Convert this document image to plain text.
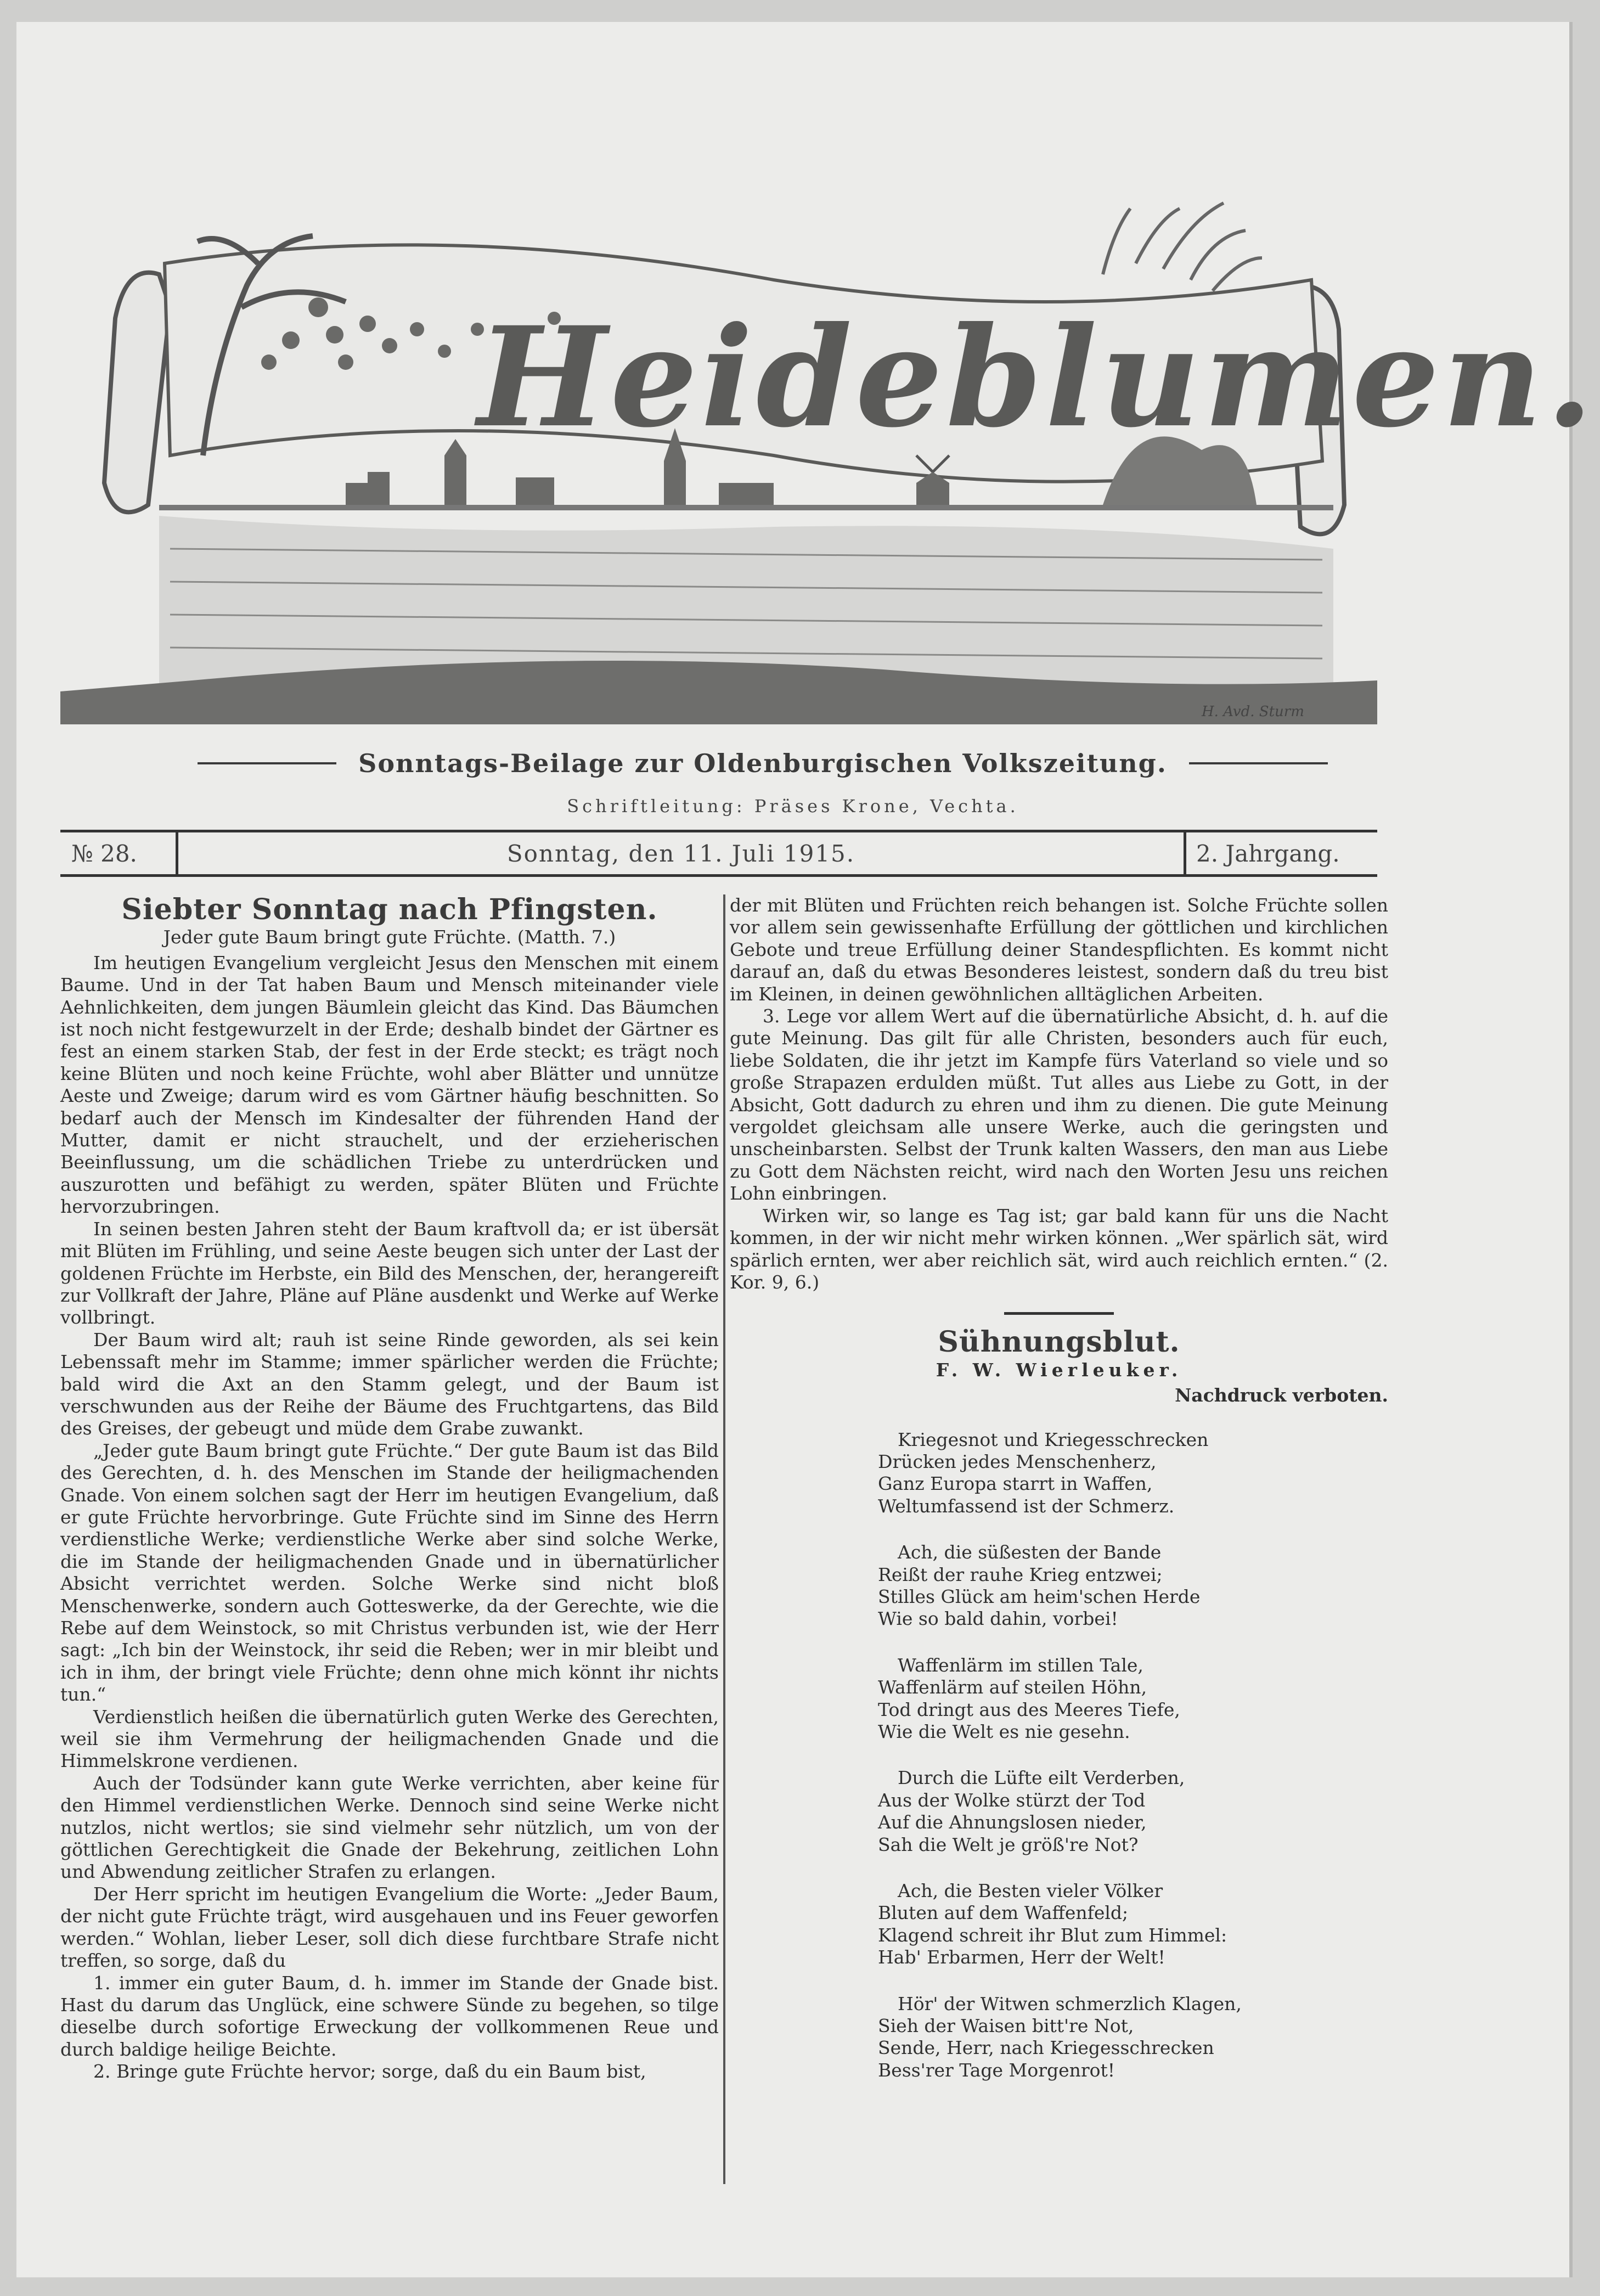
H. Avd. Sturm
Heideblumen.
Sonntags-Beilage zur Oldenburgischen Volkszeitung.
Schriftleitung: Präses Krone, Vechta.
№ 28.	Sonntag, den 11. Juli 1915.	2. Jahrgang.
Siebter Sonntag nach Pfingsten.
Jeder gute Baum bringt gute Früchte. (Matth. 7.)

Im heutigen Evangelium vergleicht Jesus den Menschen mit einem Baume. Und in der Tat haben Baum und Mensch miteinander viele Aehnlichkeiten, dem jungen Bäumlein gleicht das Kind. Das Bäumchen ist noch nicht festgewurzelt in der Erde; deshalb bindet der Gärtner es fest an einem starken Stab, der fest in der Erde steckt; es trägt noch keine Blüten und noch keine Früchte, wohl aber Blätter und unnütze Aeste und Zweige; darum wird es vom Gärtner häufig beschnitten. So bedarf auch der Mensch im Kindesalter der führenden Hand der Mutter, damit er nicht strauchelt, und der erzieherischen Beeinflussung, um die schädlichen Triebe zu unterdrücken und auszurotten und befähigt zu werden, später Blüten und Früchte hervorzubringen.

In seinen besten Jahren steht der Baum kraftvoll da; er ist übersät mit Blüten im Frühling, und seine Aeste beugen sich unter der Last der goldenen Früchte im Herbste, ein Bild des Menschen, der, herangereift zur Vollkraft der Jahre, Pläne auf Pläne ausdenkt und Werke auf Werke vollbringt.

Der Baum wird alt; rauh ist seine Rinde geworden, als sei kein Lebenssaft mehr im Stamme; immer spärlicher werden die Früchte; bald wird die Axt an den Stamm gelegt, und der Baum ist verschwunden aus der Reihe der Bäume des Fruchtgartens, das Bild des Greises, der gebeugt und müde dem Grabe zuwankt.

„Jeder gute Baum bringt gute Früchte.“ Der gute Baum ist das Bild des Gerechten, d. h. des Menschen im Stande der heiligmachenden Gnade. Von einem solchen sagt der Herr im heutigen Evangelium, daß er gute Früchte hervorbringe. Gute Früchte sind im Sinne des Herrn verdienstliche Werke; verdienstliche Werke aber sind solche Werke, die im Stande der heiligmachenden Gnade und in übernatürlicher Absicht verrichtet werden. Solche Werke sind nicht bloß Menschenwerke, sondern auch Gotteswerke, da der Gerechte, wie die Rebe auf dem Weinstock, so mit Christus verbunden ist, wie der Herr sagt: „Ich bin der Weinstock, ihr seid die Reben; wer in mir bleibt und ich in ihm, der bringt viele Früchte; denn ohne mich könnt ihr nichts tun.“

Verdienstlich heißen die übernatürlich guten Werke des Gerechten, weil sie ihm Vermehrung der heiligmachenden Gnade und die Himmelskrone verdienen.

Auch der Todsünder kann gute Werke verrichten, aber keine für den Himmel verdienstlichen Werke. Dennoch sind seine Werke nicht nutzlos, nicht wertlos; sie sind vielmehr sehr nützlich, um von der göttlichen Gerechtigkeit die Gnade der Bekehrung, zeitlichen Lohn und Abwendung zeitlicher Strafen zu erlangen.

Der Herr spricht im heutigen Evangelium die Worte: „Jeder Baum, der nicht gute Früchte trägt, wird ausgehauen und ins Feuer geworfen werden.“ Wohlan, lieber Leser, soll dich diese furchtbare Strafe nicht treffen, so sorge, daß du

1. immer ein guter Baum, d. h. immer im Stande der Gnade bist. Hast du darum das Unglück, eine schwere Sünde zu begehen, so tilge dieselbe durch sofortige Erweckung der vollkommenen Reue und durch baldige heilige Beichte.

2. Bringe gute Früchte hervor; sorge, daß du ein Baum bist,

der mit Blüten und Früchten reich behangen ist. Solche Früchte sollen vor allem sein gewissenhafte Erfüllung der göttlichen und kirchlichen Gebote und treue Erfüllung deiner Standespflichten. Es kommt nicht darauf an, daß du etwas Besonderes leistest, sondern daß du treu bist im Kleinen, in deinen gewöhnlichen alltäglichen Arbeiten.

3. Lege vor allem Wert auf die übernatürliche Absicht, d. h. auf die gute Meinung. Das gilt für alle Christen, besonders auch für euch, liebe Soldaten, die ihr jetzt im Kampfe fürs Vaterland so viele und so große Strapazen erdulden müßt. Tut alles aus Liebe zu Gott, in der Absicht, Gott dadurch zu ehren und ihm zu dienen. Die gute Meinung vergoldet gleichsam alle unsere Werke, auch die geringsten und unscheinbarsten. Selbst der Trunk kalten Wassers, den man aus Liebe zu Gott dem Nächsten reicht, wird nach den Worten Jesu uns reichen Lohn einbringen.

Wirken wir, so lange es Tag ist; gar bald kann für uns die Nacht kommen, in der wir nicht mehr wirken können. „Wer spärlich sät, wird spärlich ernten, wer aber reichlich sät, wird auch reichlich ernten.“ (2. Kor. 9, 6.)

Sühnungsblut.
F. W. Wierleuker.
Nachdruck verboten.
Kriegesnot und Kriegesschrecken
Drücken jedes Menschenherz,
Ganz Europa starrt in Waffen,
Weltumfassend ist der Schmerz.
Ach, die süßesten der Bande
Reißt der rauhe Krieg entzwei;
Stilles Glück am heim'schen Herde
Wie so bald dahin, vorbei!
Waffenlärm im stillen Tale,
Waffenlärm auf steilen Höhn,
Tod dringt aus des Meeres Tiefe,
Wie die Welt es nie gesehn.
Durch die Lüfte eilt Verderben,
Aus der Wolke stürzt der Tod
Auf die Ahnungslosen nieder,
Sah die Welt je größ're Not?
Ach, die Besten vieler Völker
Bluten auf dem Waffenfeld;
Klagend schreit ihr Blut zum Himmel:
Hab' Erbarmen, Herr der Welt!
Hör' der Witwen schmerzlich Klagen,
Sieh der Waisen bitt're Not,
Sende, Herr, nach Kriegesschrecken
Bess'rer Tage Morgenrot!
